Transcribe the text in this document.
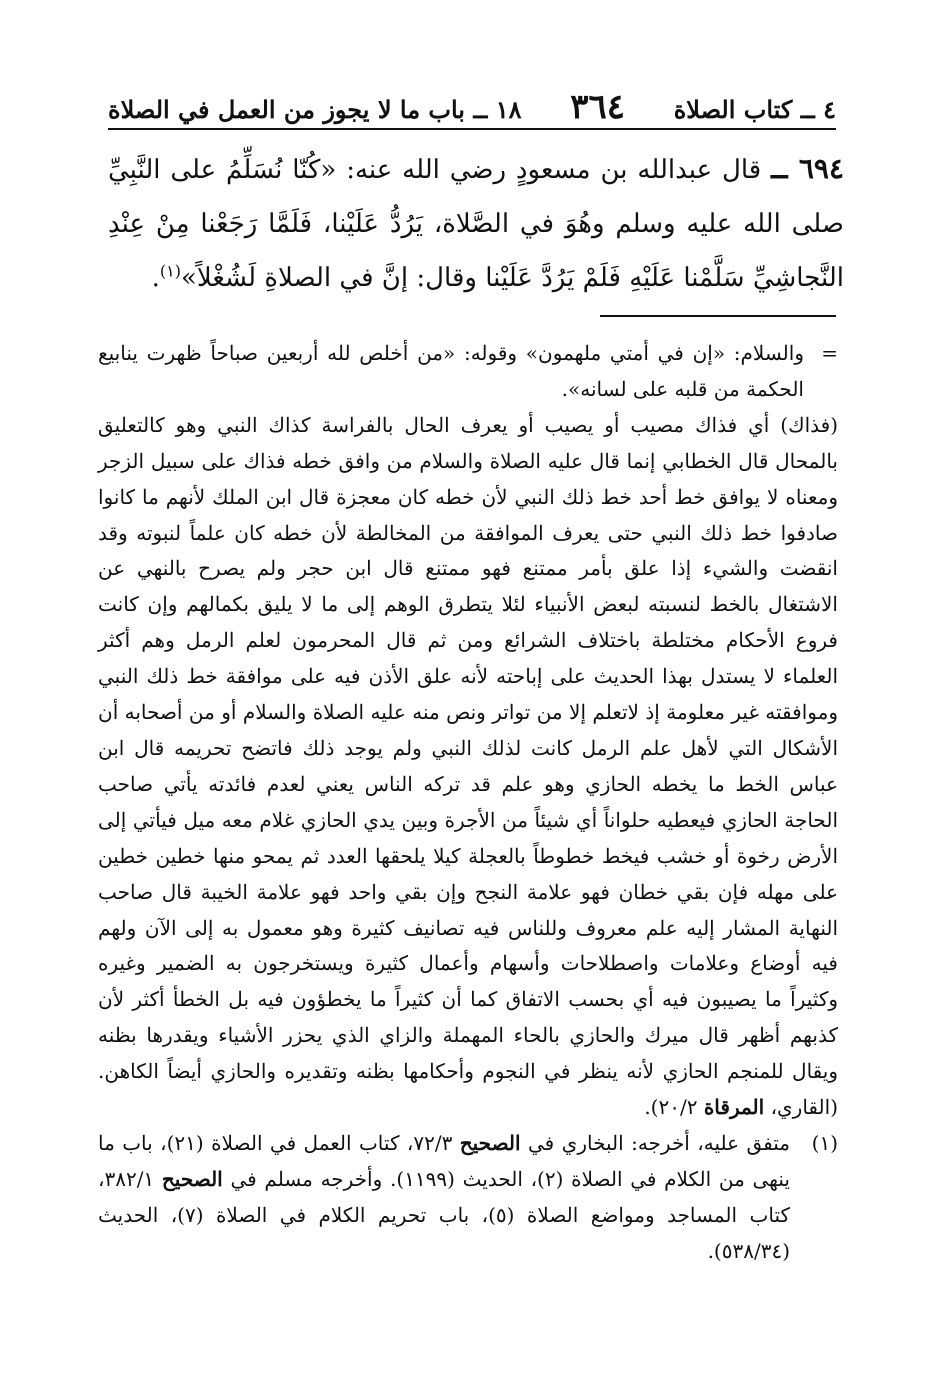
٤ ــ كتاب الصلاة
٣٦٤
١٨ ــ باب ما لا يجوز من العمل في الصلاة
٦٩٤ ــ قال عبدالله بن مسعودٍ رضي الله عنه: «كُنّا نُسَلِّمُ على النَّبِيِّ صلى الله عليه وسلم وهُوَ في الصَّلاة، يَرُدُّ عَلَيْنا، فَلَمَّا رَجَعْنا مِنْ عِنْدِ النَّجاشِيِّ سَلَّمْنا عَلَيْهِ فَلَمْ يَرُدَّ عَلَيْنا وقال: إنَّ في الصلاةِ لَشُغْلاً»$^{(١)}$.

=
والسلام: «إن في أمتي ملهمون» وقوله: «من أخلص لله أربعين صباحاً ظهرت ينابيع الحكمة من قلبه على لسانه».

(فذاك) أي فذاك مصيب أو يصيب أو يعرف الحال بالفراسة كذاك النبي وهو كالتعليق بالمحال قال الخطابي إنما قال عليه الصلاة والسلام من وافق خطه فذاك على سبيل الزجر ومعناه لا يوافق خط أحد خط ذلك النبي لأن خطه كان معجزة قال ابن الملك لأنهم ما كانوا صادفوا خط ذلك النبي حتى يعرف الموافقة من المخالطة لأن خطه كان علماً لنبوته وقد انقضت والشيء إذا علق بأمر ممتنع فهو ممتنع قال ابن حجر ولم يصرح بالنهي عن الاشتغال بالخط لنسبته لبعض الأنبياء لئلا يتطرق الوهم إلى ما لا يليق بكمالهم وإن كانت فروع الأحكام مختلطة باختلاف الشرائع ومن ثم قال المحرمون لعلم الرمل وهم أكثر العلماء لا يستدل بهذا الحديث على إباحته لأنه علق الأذن فيه على موافقة خط ذلك النبي وموافقته غير معلومة إذ لاتعلم إلا من تواتر ونص منه عليه الصلاة والسلام أو من أصحابه أن الأشكال التي لأهل علم الرمل كانت لذلك النبي ولم يوجد ذلك فاتضح تحريمه قال ابن عباس الخط ما يخطه الحازي وهو علم قد تركه الناس يعني لعدم فائدته يأتي صاحب الحاجة الحازي فيعطيه حلواناً أي شيئاً من الأجرة وبين يدي الحازي غلام معه ميل فيأتي إلى الأرض رخوة أو خشب فيخط خطوطاً بالعجلة كيلا يلحقها العدد ثم يمحو منها خطين خطين على مهله فإن بقي خطان فهو علامة النجح وإن بقي واحد فهو علامة الخيبة قال صاحب النهاية المشار إليه علم معروف وللناس فيه تصانيف كثيرة وهو معمول به إلى الآن ولهم فيه أوضاع وعلامات واصطلاحات وأسهام وأعمال كثيرة ويستخرجون به الضمير وغيره وكثيراً ما يصيبون فيه أي بحسب الاتفاق كما أن كثيراً ما يخطؤون فيه بل الخطأ أكثر لأن كذبهم أظهر قال ميرك والحازي بالحاء المهملة والزاي الذي يحزر الأشياء ويقدرها بظنه ويقال للمنجم الحازي لأنه ينظر في النجوم وأحكامها بظنه وتقديره والحازي أيضاً الكاهن. (القاري، المرقاة ٢٠/٢).

(١)
متفق عليه، أخرجه: البخاري في الصحيح ٧٢/٣، كتاب العمل في الصلاة (٢١)، باب ما ينهى من الكلام في الصلاة (٢)، الحديث (١١٩٩). وأخرجه مسلم في الصحيح ٣٨٢/١، كتاب المساجد ومواضع الصلاة (٥)، باب تحريم الكلام في الصلاة (٧)، الحديث (٥٣٨/٣٤).
